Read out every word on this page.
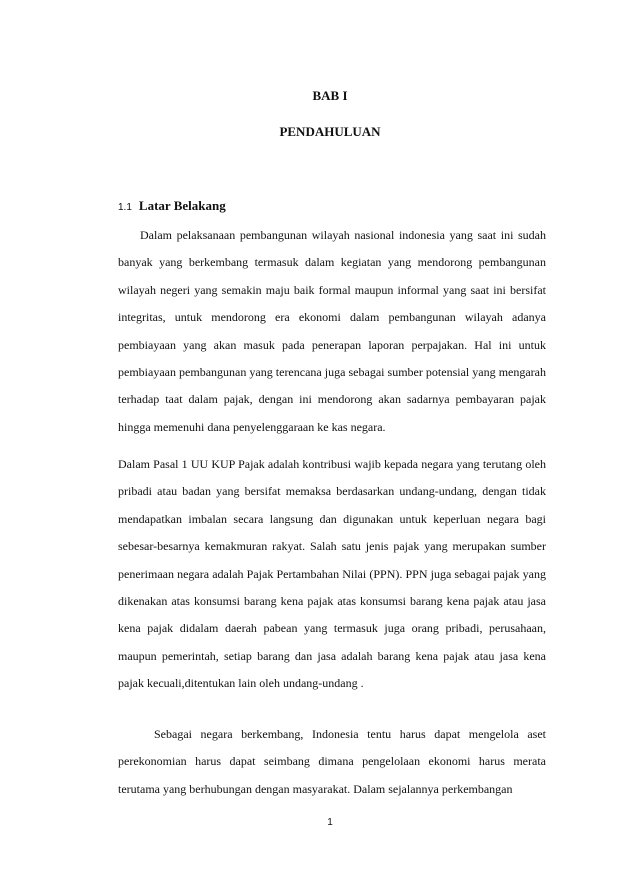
BAB I
PENDAHULUAN
1.1 Latar Belakang

Dalam pelaksanaan pembangunan wilayah nasional indonesia yang saat ini sudah banyak yang berkembang termasuk dalam kegiatan yang mendorong pembangunan wilayah negeri yang semakin maju baik formal maupun informal yang saat ini bersifat integritas, untuk mendorong era ekonomi dalam pembangunan wilayah adanya pembiayaan yang akan masuk pada penerapan laporan perpajakan. Hal ini untuk pembiayaan pembangunan yang terencana juga sebagai sumber potensial yang mengarah terhadap taat dalam pajak, dengan ini mendorong akan sadarnya pembayaran pajak hingga memenuhi dana penyelenggaraan ke kas negara.

Dalam Pasal 1 UU KUP Pajak adalah kontribusi wajib kepada negara yang terutang oleh pribadi atau badan yang bersifat memaksa berdasarkan undang-undang, dengan tidak mendapatkan imbalan secara langsung dan digunakan untuk keperluan negara bagi sebesar-besarnya kemakmuran rakyat. Salah satu jenis pajak yang merupakan sumber penerimaan negara adalah Pajak Pertambahan Nilai (PPN). PPN juga sebagai pajak yang dikenakan atas konsumsi barang kena pajak atas konsumsi barang kena pajak atau jasa kena pajak didalam daerah pabean yang termasuk juga orang pribadi, perusahaan, maupun pemerintah, setiap barang dan jasa adalah barang kena pajak atau jasa kena pajak kecuali,ditentukan lain oleh undang-undang .

Sebagai negara berkembang, Indonesia tentu harus dapat mengelola aset perekonomian harus dapat seimbang dimana pengelolaan ekonomi harus merata terutama yang berhubungan dengan masyarakat. Dalam sejalannya perkembangan

1
